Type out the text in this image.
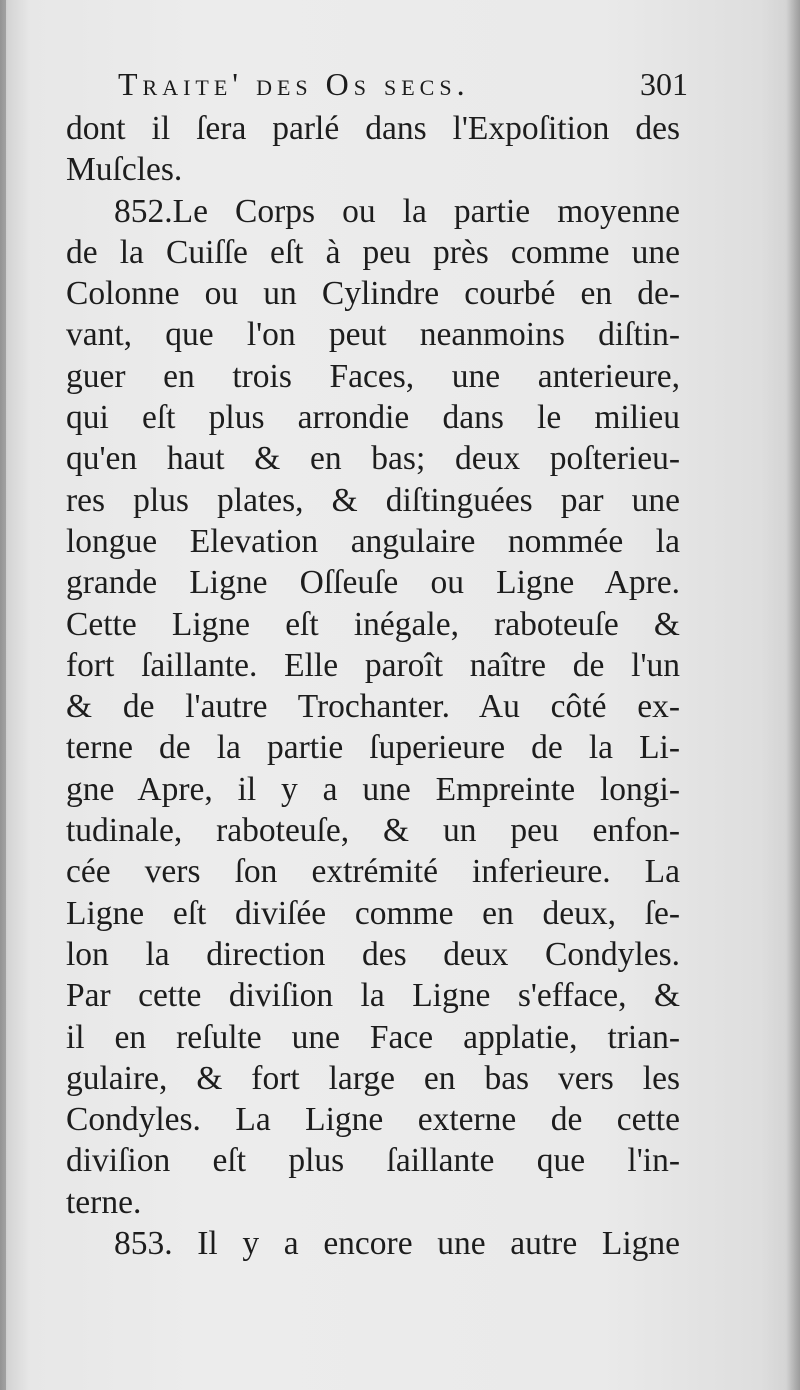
Traite' des Os secs.	301
dont il ſera parlé dans l'Expoſition des
Muſcles.
852.Le Corps ou la partie moyenne
de la Cuiſſe eſt à peu près comme une
Colonne ou un Cylindre courbé en de-
vant, que l'on peut neanmoins diſtin-
guer en trois Faces, une anterieure,
qui eſt plus arrondie dans le milieu
qu'en haut & en bas; deux poſterieu-
res plus plates, & diſtinguées par une
longue Elevation angulaire nommée la
grande Ligne Oſſeuſe ou Ligne Apre.
Cette Ligne eſt inégale, raboteuſe &
fort ſaillante. Elle paroît naître de l'un
& de l'autre Trochanter. Au côté ex-
terne de la partie ſuperieure de la Li-
gne Apre, il y a une Empreinte longi-
tudinale, raboteuſe, & un peu enfon-
cée vers ſon extrémité inferieure. La
Ligne eſt diviſée comme en deux, ſe-
lon la direction des deux Condyles.
Par cette diviſion la Ligne s'efface, &
il en reſulte une Face applatie, trian-
gulaire, & fort large en bas vers les
Condyles. La Ligne externe de cette
diviſion eſt plus ſaillante que l'in-
terne.
853. Il y a encore une autre Ligne
